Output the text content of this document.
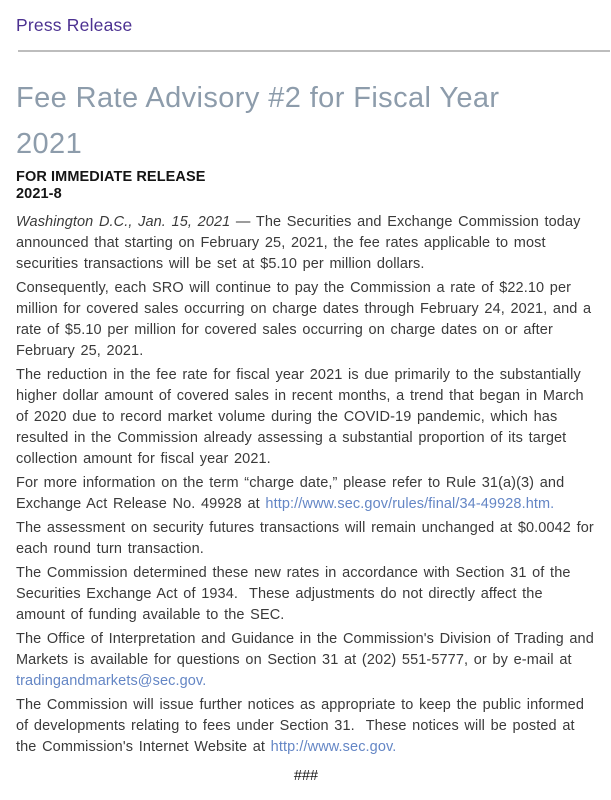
Press Release
Fee Rate Advisory #2 for Fiscal Year 2021
FOR IMMEDIATE RELEASE
2021-8

Washington D.C., Jan. 15, 2021 — The Securities and Exchange Commission today announced that starting on February 25, 2021, the fee rates applicable to most securities transactions will be set at $5.10 per million dollars.

Consequently, each SRO will continue to pay the Commission a rate of $22.10 per million for covered sales occurring on charge dates through February 24, 2021, and a rate of $5.10 per million for covered sales occurring on charge dates on or after February 25, 2021.

The reduction in the fee rate for fiscal year 2021 is due primarily to the substantially higher dollar amount of covered sales in recent months, a trend that began in March of 2020 due to record market volume during the COVID-19 pandemic, which has resulted in the Commission already assessing a substantial proportion of its target collection amount for fiscal year 2021.

For more information on the term “charge date,” please refer to Rule 31(a)(3) and Exchange Act Release No. 49928 at http://www.sec.gov/rules/final/34-49928.htm.

The assessment on security futures transactions will remain unchanged at $0.0042 for each round turn transaction.

The Commission determined these new rates in accordance with Section 31 of the Securities Exchange Act of 1934.  These adjustments do not directly affect the amount of funding available to the SEC.

The Office of Interpretation and Guidance in the Commission's Division of Trading and Markets is available for questions on Section 31 at (202) 551-5777, or by e-mail at tradingandmarkets@sec.gov.

The Commission will issue further notices as appropriate to keep the public informed of developments relating to fees under Section 31.  These notices will be posted at the Commission's Internet Website at http://www.sec.gov.

###
